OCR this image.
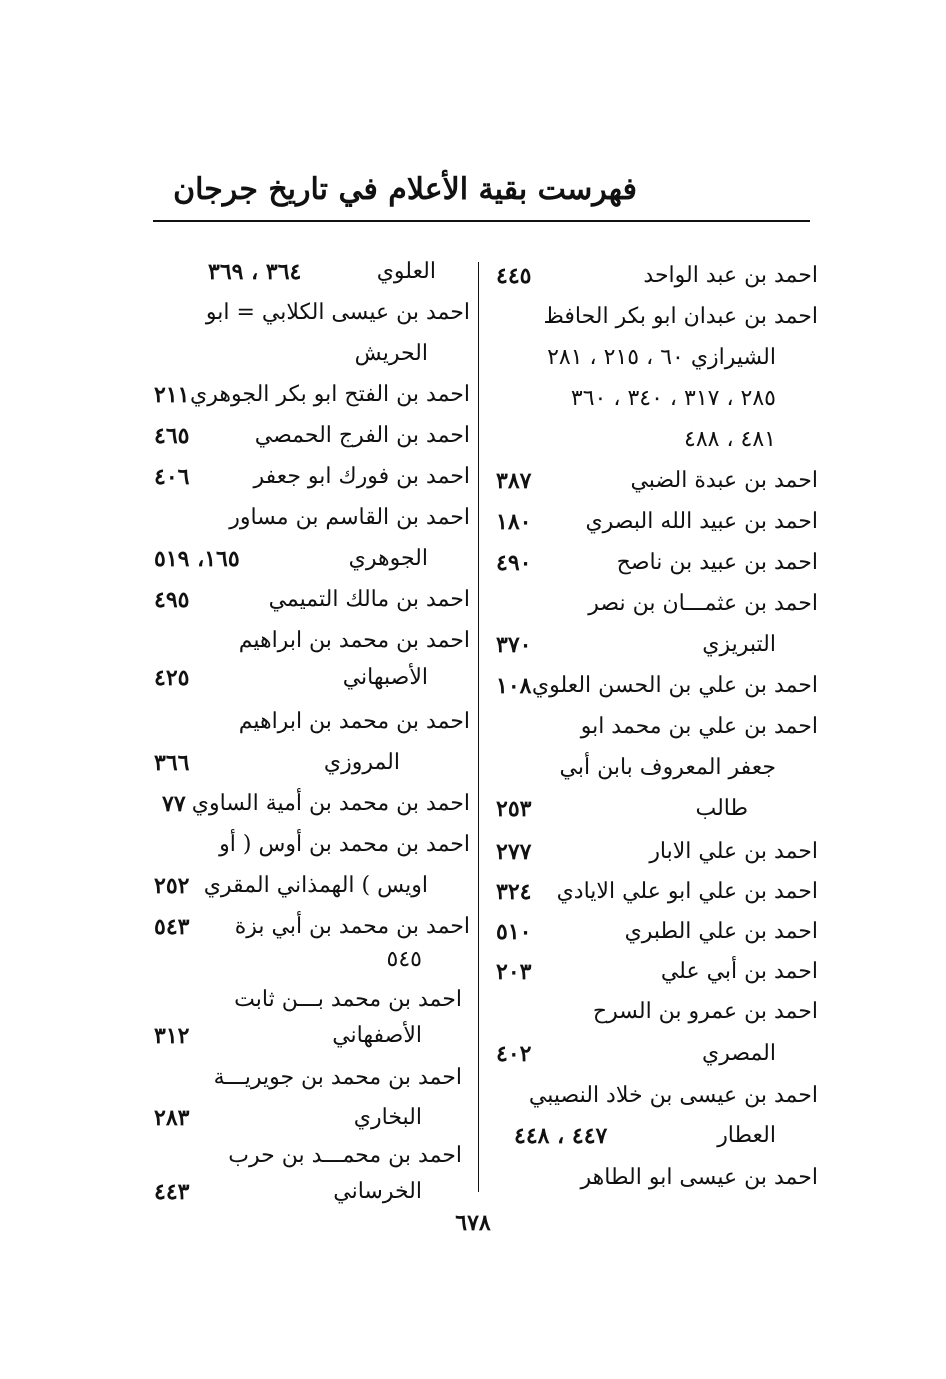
فهرست بقية الأعلام في تاريخ جرجان
احمد بن عبد الواحد
٤٤٥
احمد بن عبدان ابو بكر الحافظ
الشيرازي ٦٠ ، ٢١٥ ، ٢٨١
٢٨٥ ، ٣١٧ ، ٣٤٠ ، ٣٦٠
٤٨١ ، ٤٨٨
احمد بن عبدة الضبي
٣٨٧
احمد بن عبيد الله البصري
١٨٠
احمد بن عبيد بن ناصح
٤٩٠
احمد بن عثمـــان بن نصر
التبريزي
٣٧٠
احمد بن علي بن الحسن العلوي
١٠٨
احمد بن علي بن محمد ابو
جعفر المعروف بابن أبي
طالب
٢٥٣
احمد بن علي الابار
٢٧٧
احمد بن علي ابو علي الايادي
٣٢٤
احمد بن علي الطبري
٥١٠
احمد بن أبي علي
٢٠٣
احمد بن عمرو بن السرح
المصري
٤٠٢
احمد بن عيسى بن خلاد النصيبي
العطار
٤٤٧ ، ٤٤٨
احمد بن عيسى ابو الطاهر
العلوي
٣٦٤ ، ٣٦٩
احمد بن عيسى الكلابي = ابو
الحريش
احمد بن الفتح ابو بكر الجوهري
٢١١
احمد بن الفرج الحمصي
٤٦٥
احمد بن فورك ابو جعفر
٤٠٦
احمد بن القاسم بن مساور
الجوهري
١٦٥، ٥١٩
احمد بن مالك التميمي
٤٩٥
احمد بن محمد بن ابراهيم
الأصبهاني
٤٢٥
احمد بن محمد بن ابراهيم
المروزي
٣٦٦
احمد بن محمد بن أمية الساوي
٧٧
احمد بن محمد بن أوس ( أو
اويس ) الهمذاني المقري
٢٥٢
احمد بن محمد بن أبي بزة
٥٤٣
٥٤٥
احمد بن محمد بـــن ثابت
الأصفهاني
٣١٢
احمد بن محمد بن جويريـــة
البخاري
٢٨٣
احمد بن محمـــد بن حرب
الخرساني
٤٤٣
٦٧٨
